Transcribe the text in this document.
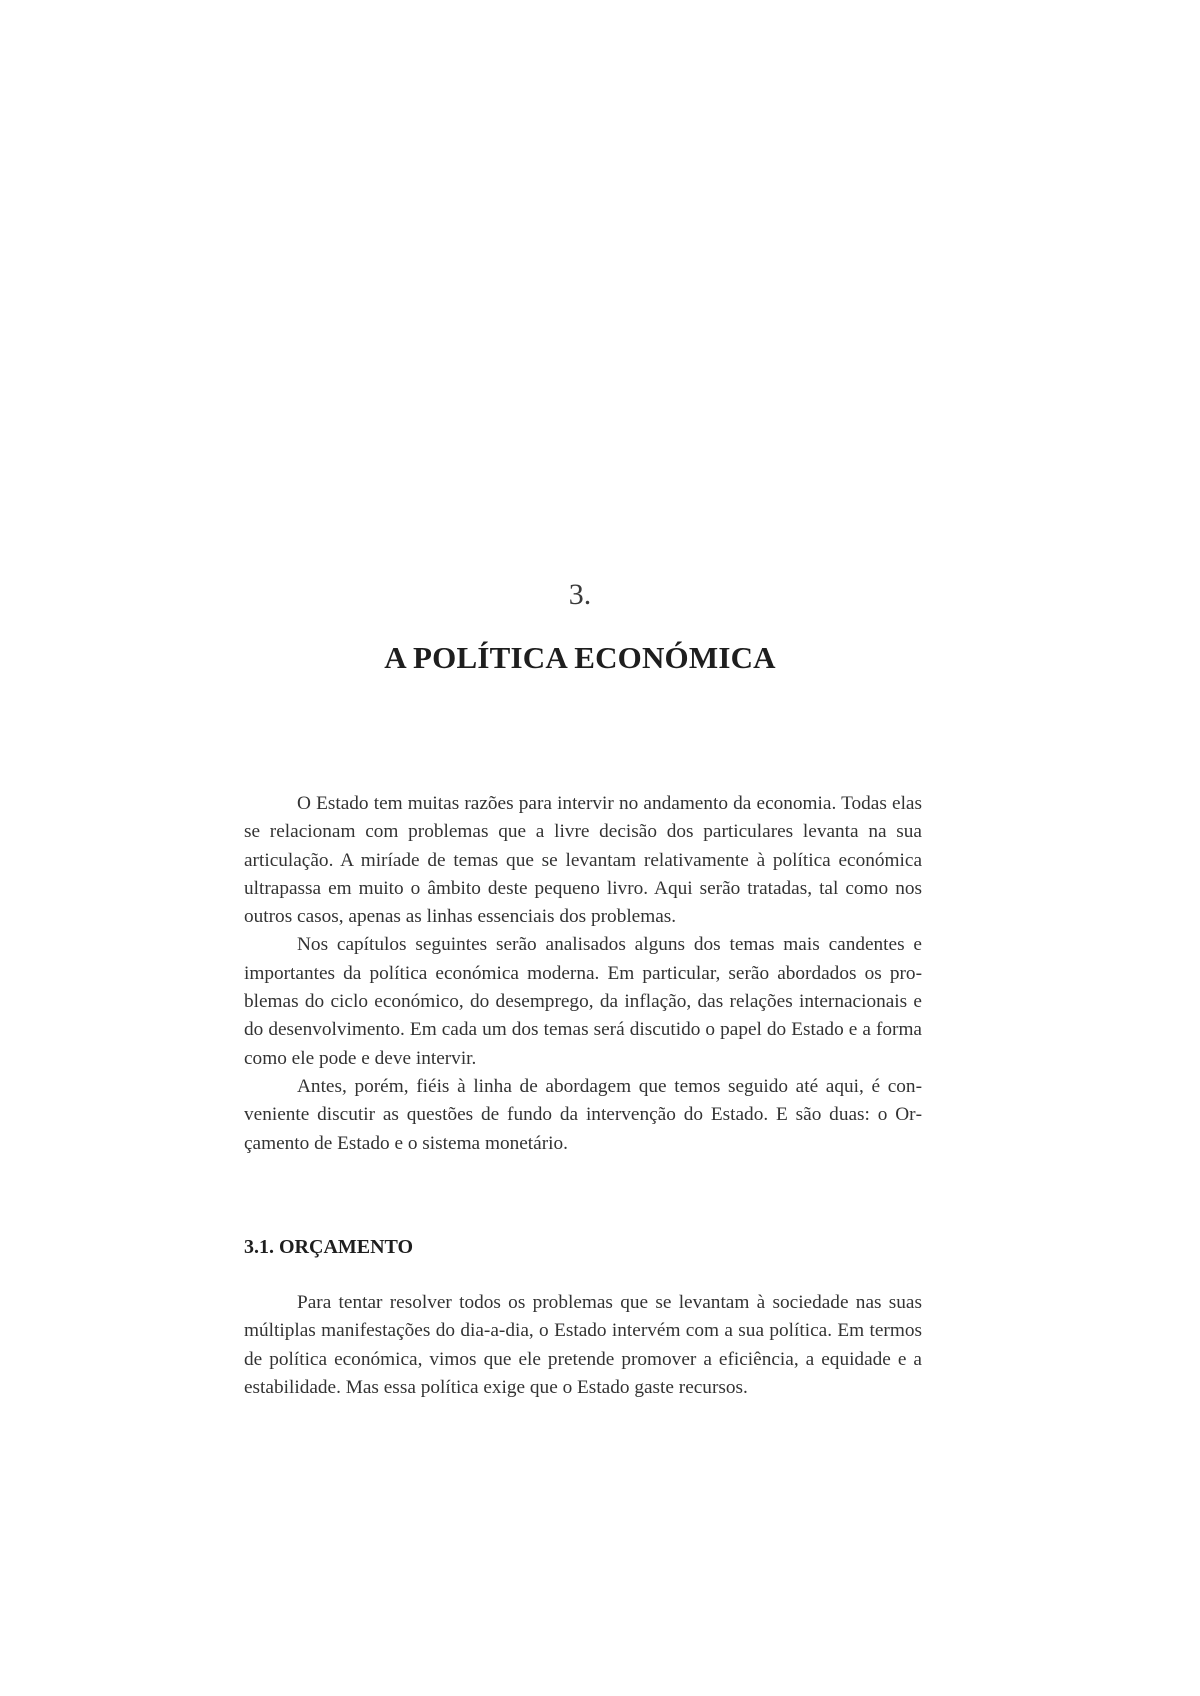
3.
A POLÍTICA ECONÓMICA

O Estado tem muitas razões para intervir no andamento da economia. Todas elas se relacionam com problemas que a livre decisão dos particulares levanta na sua articulação. A miríade de temas que se levantam relativamente à política económica ultrapassa em muito o âmbito deste pequeno livro. Aqui serão tratadas, tal como nos outros casos, apenas as linhas essenciais dos problemas.

Nos capítulos seguintes serão analisados alguns dos temas mais candentes e importantes da política económica moderna. Em particular, serão abordados os problemas do ciclo económico, do desemprego, da inflação, das relações internacionais e do desenvolvimento. Em cada um dos temas será discutido o papel do Estado e a forma como ele pode e deve intervir.

Antes, porém, fiéis à linha de abordagem que temos seguido até aqui, é conveniente discutir as questões de fundo da intervenção do Estado. E são duas: o Orçamento de Estado e o sistema monetário.

3.1. ORÇAMENTO

Para tentar resolver todos os problemas que se levantam à sociedade nas suas múltiplas manifestações do dia-a-dia, o Estado intervém com a sua política. Em termos de política económica, vimos que ele pretende promover a eficiência, a equidade e a estabilidade. Mas essa política exige que o Estado gaste recursos.
